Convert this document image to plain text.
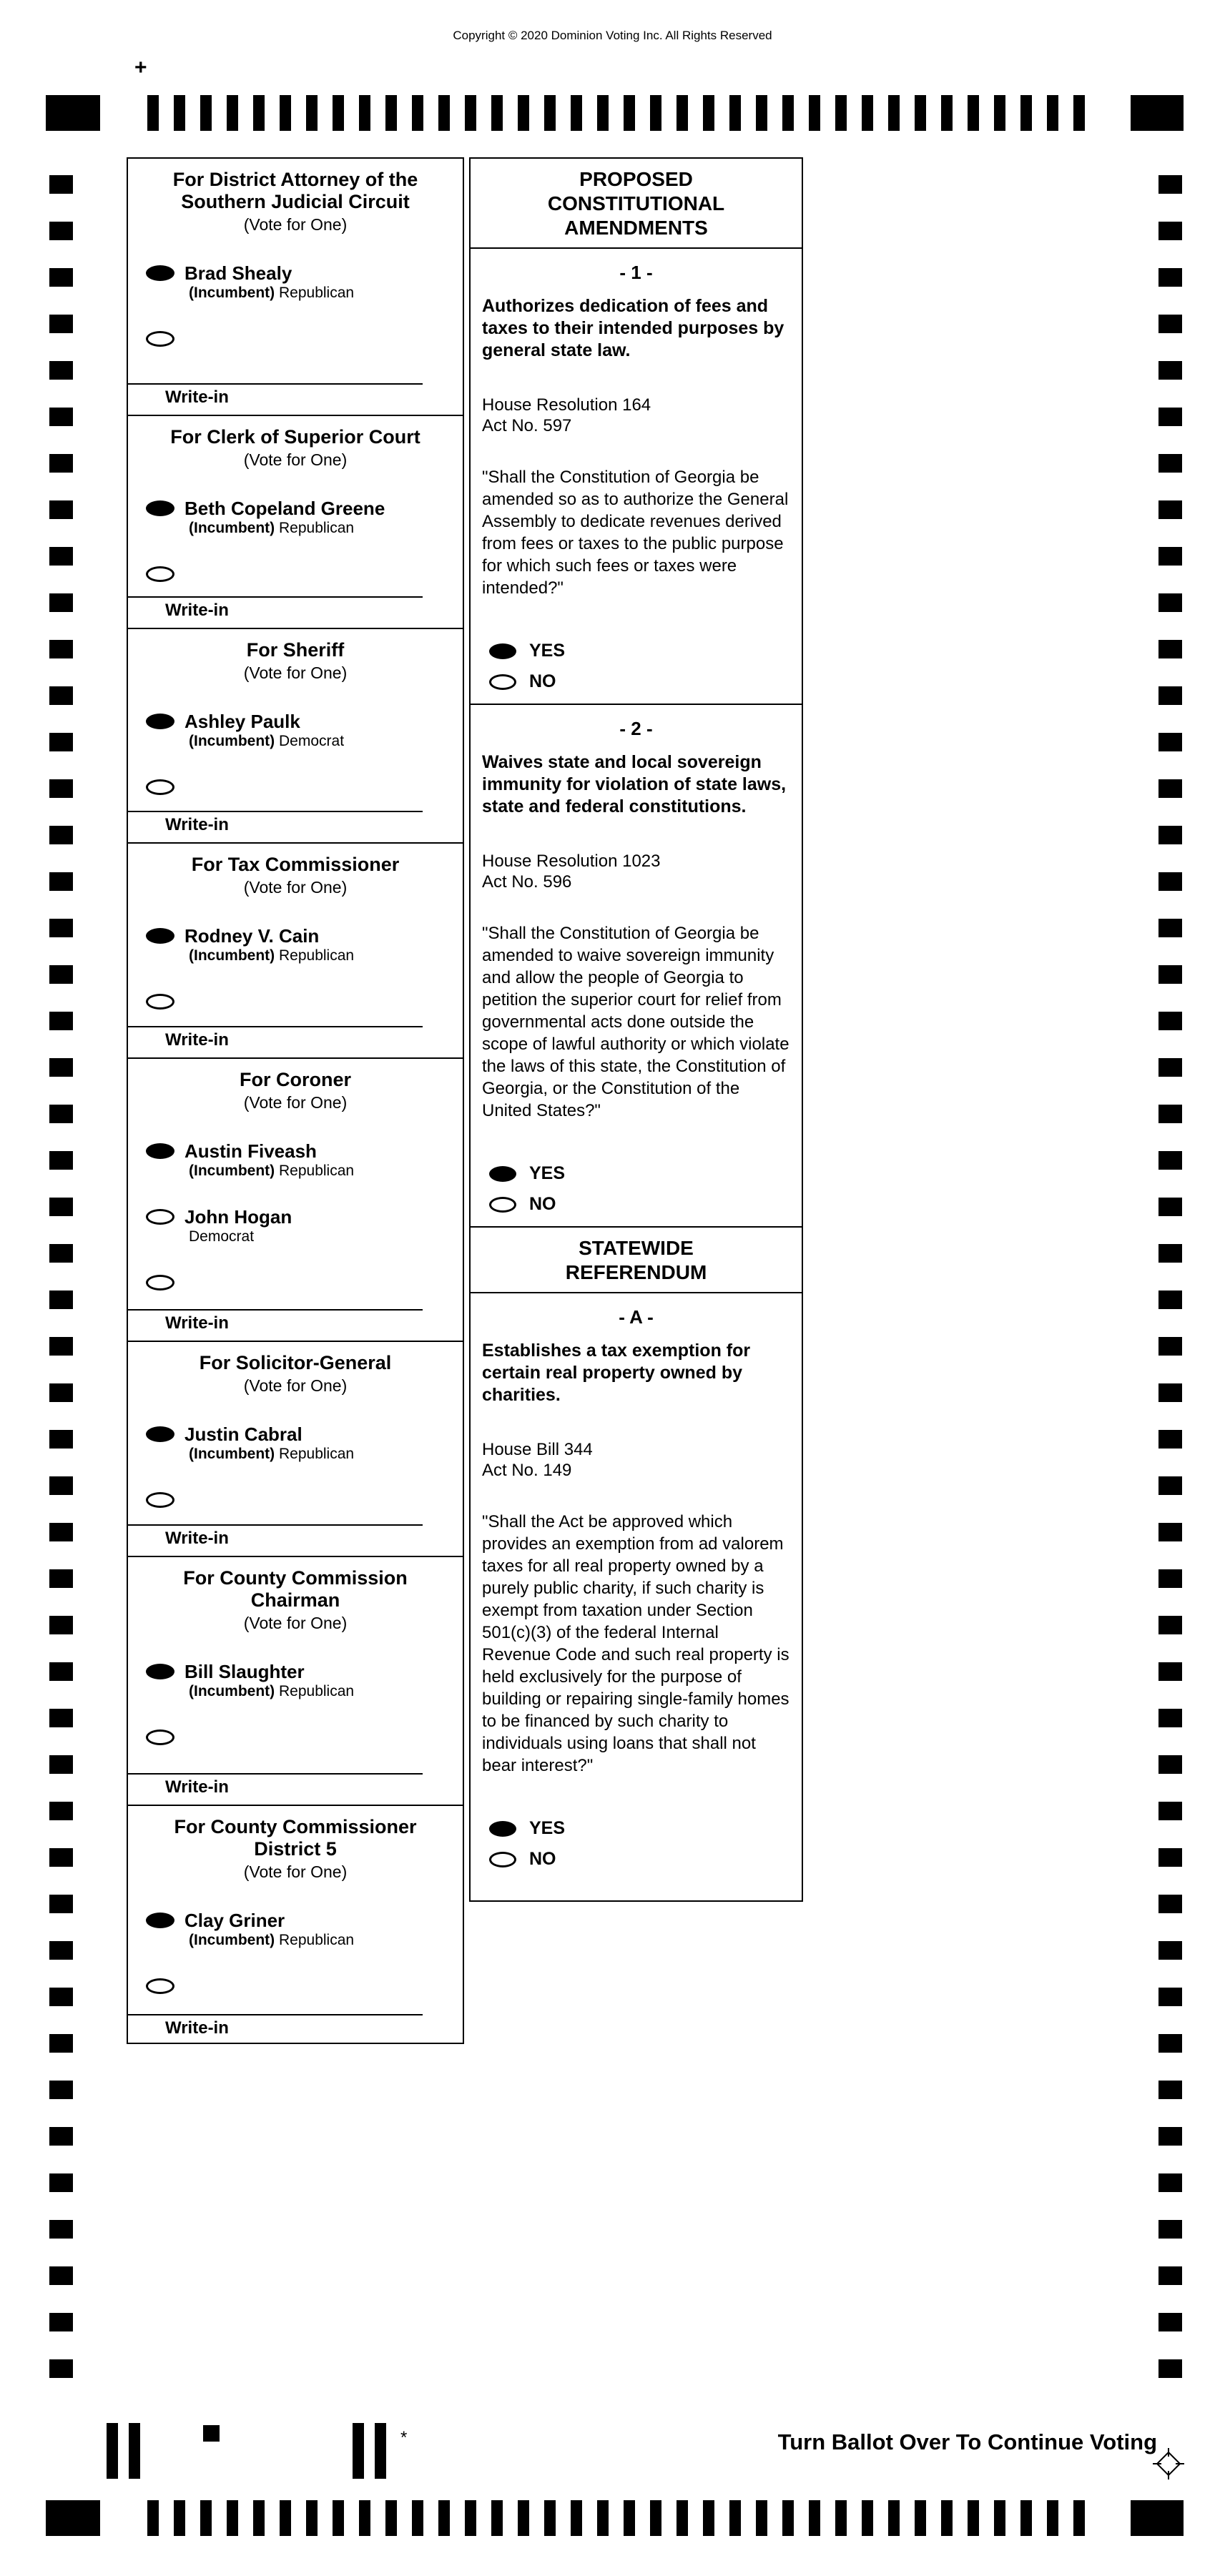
Copyright © 2020 Dominion Voting Inc. All Rights Reserved
+
For District Attorney of the
Southern Judicial Circuit
(Vote for One)
Brad Shealy
(Incumbent) Republican
Write-in
For Clerk of Superior Court
(Vote for One)
Beth Copeland Greene
(Incumbent) Republican
Write-in
For Sheriff
(Vote for One)
Ashley Paulk
(Incumbent) Democrat
Write-in
For Tax Commissioner
(Vote for One)
Rodney V. Cain
(Incumbent) Republican
Write-in
For Coroner
(Vote for One)
Austin Fiveash
(Incumbent) Republican
John Hogan
Democrat
Write-in
For Solicitor-General
(Vote for One)
Justin Cabral
(Incumbent) Republican
Write-in
For County Commission
Chairman
(Vote for One)
Bill Slaughter
(Incumbent) Republican
Write-in
For County Commissioner
District 5
(Vote for One)
Clay Griner
(Incumbent) Republican
Write-in
PROPOSED
CONSTITUTIONAL
AMENDMENTS
- 1 -
Authorizes dedication of fees and taxes to their intended purposes by general state law.
House Resolution 164
Act No. 597
"Shall the Constitution of Georgia be amended so as to authorize the General Assembly to dedicate revenues derived from fees or taxes to the public purpose for which such fees or taxes were intended?"
YES
NO
- 2 -
Waives state and local sovereign immunity for violation of state laws, state and federal constitutions.
House Resolution 1023
Act No. 596
"Shall the Constitution of Georgia be amended to waive sovereign immunity and allow the people of Georgia to petition the superior court for relief from governmental acts done outside the scope of lawful authority or which violate the laws of this state, the Constitution of Georgia, or the Constitution of the United States?"
YES
NO
STATEWIDE
REFERENDUM
- A -
Establishes a tax exemption for certain real property owned by charities.
House Bill 344
Act No. 149
"Shall the Act be approved which provides an exemption from ad valorem taxes for all real property owned by a purely public charity, if such charity is exempt from taxation under Section 501(c)(3) of the federal Internal Revenue Code and such real property is held exclusively for the purpose of building or repairing single-family homes to be financed by such charity to individuals using loans that shall not bear interest?"
YES
NO
*	Turn Ballot Over To Continue Voting
